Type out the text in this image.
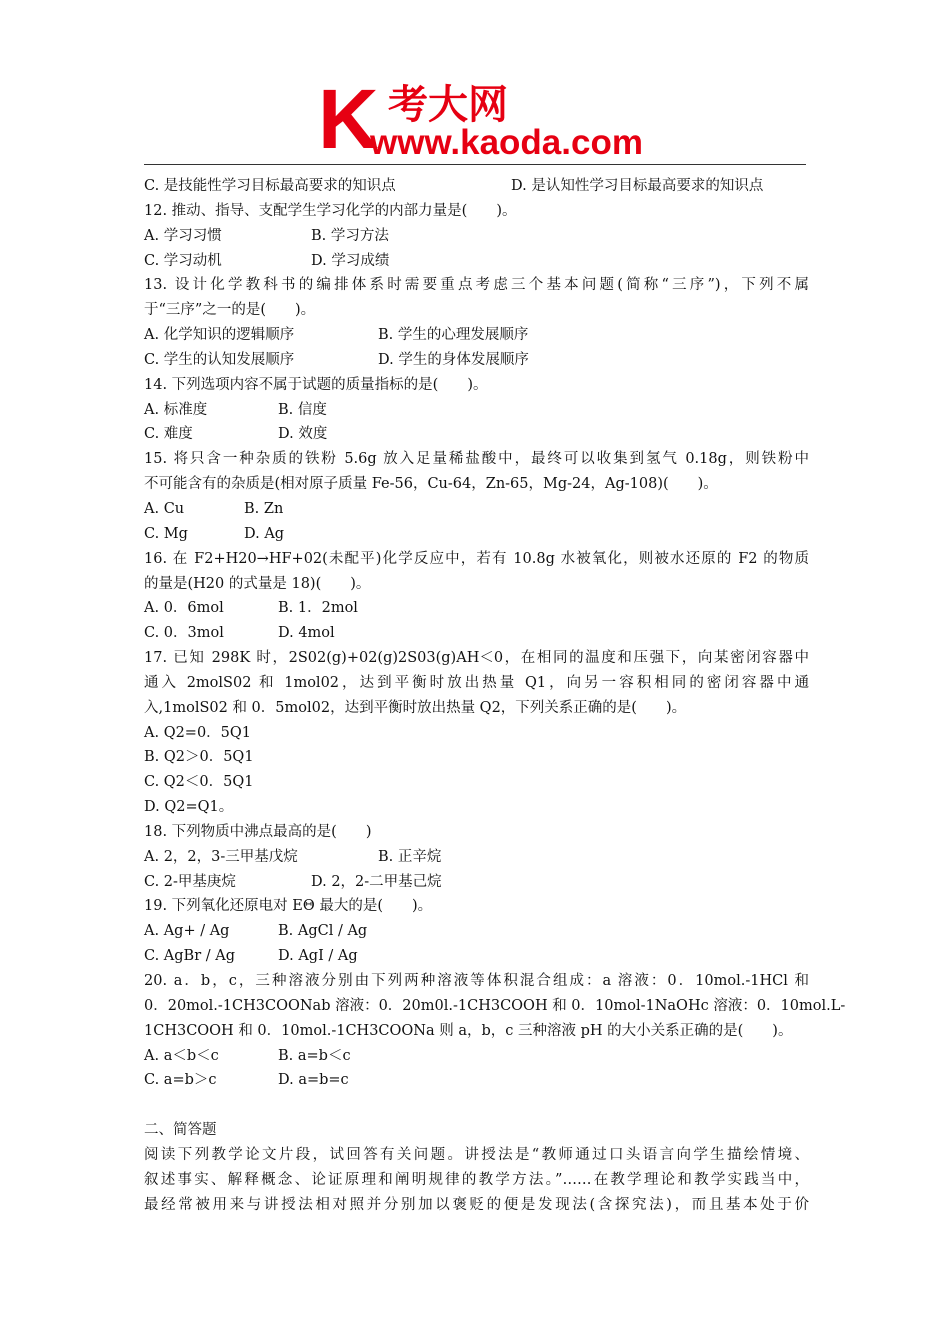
K 考大网
www.kaoda.com
C. 是技能性学习目标最高要求的知识点	D. 是认知性学习目标最高要求的知识点
12. 推动、指导、支配学生学习化学的内部力量是(　　)。
A. 学习习惯	B. 学习方法
C. 学习动机	D. 学习成绩
13. 设计化学教科书的编排体系时需要重点考虑三个基本问题(简称“三序”)，下列不属
于“三序”之一的是(　　)。
A. 化学知识的逻辑顺序	B. 学生的心理发展顺序
C. 学生的认知发展顺序	D. 学生的身体发展顺序
14. 下列选项内容不属于试题的质量指标的是(　　)。
A. 标准度	B. 信度
C. 难度	D. 效度
15. 将只含一种杂质的铁粉 5.6g 放入足量稀盐酸中，最终可以收集到氢气 0.18g，则铁粉中
不可能含有的杂质是(相对原子质量 Fe-56，Cu-64，Zn-65，Mg-24，Ag-108)(　　)。
A. Cu	B. Zn
C. Mg	D. Ag
16. 在 F2+H20→HF+02(未配平)化学反应中，若有 10.8g 水被氧化，则被水还原的 F2 的物质
的量是(H20 的式量是 18)(　　)。
A. 0．6mol	B. 1．2mol
C. 0．3mol	D. 4mol
17. 已知 298K 时，2S02(g)+02(g)2S03(g)AH＜0，在相同的温度和压强下，向某密闭容器中
通入 2molS02 和 1mol02，达到平衡时放出热量 Q1，向另一容积相同的密闭容器中通
入,1molS02 和 0．5mol02，达到平衡时放出热量 Q2，下列关系正确的是(　　)。
A. Q2=0．5Q1
B. Q2＞0．5Q1
C. Q2＜0．5Q1
D. Q2=Q1。
18. 下列物质中沸点最高的是(　　)
A. 2，2，3-三甲基戊烷	B. 正辛烷
C. 2-甲基庚烷	D. 2，2-二甲基己烷
19. 下列氧化还原电对 EΘ 最大的是(　　)。
A. Ag+ / Ag	B. AgCl / Ag
C. AgBr / Ag	D. AgI / Ag
20. a．b，c，三种溶液分别由下列两种溶液等体积混合组成：a 溶液：0．10mol.-1HCl 和
0．20mol.-1CH3COONab 溶液：0．20m0l.-1CH3COOH 和 0．10mol-1NaOHc 溶液：0．10mol.L-
1CH3COOH 和 0．10mol.-1CH3COONa 则 a，b，c 三种溶液 pH 的大小关系正确的是(　　)。
A. a＜b＜c	B. a=b＜c
C. a=b＞c	D. a=b=c
二、简答题
阅读下列教学论文片段，试回答有关问题。讲授法是“教师通过口头语言向学生描绘情境、
叙述事实、解释概念、论证原理和阐明规律的教学方法。”……在教学理论和教学实践当中，
最经常被用来与讲授法相对照并分别加以褒贬的便是发现法(含探究法)，而且基本处于价
